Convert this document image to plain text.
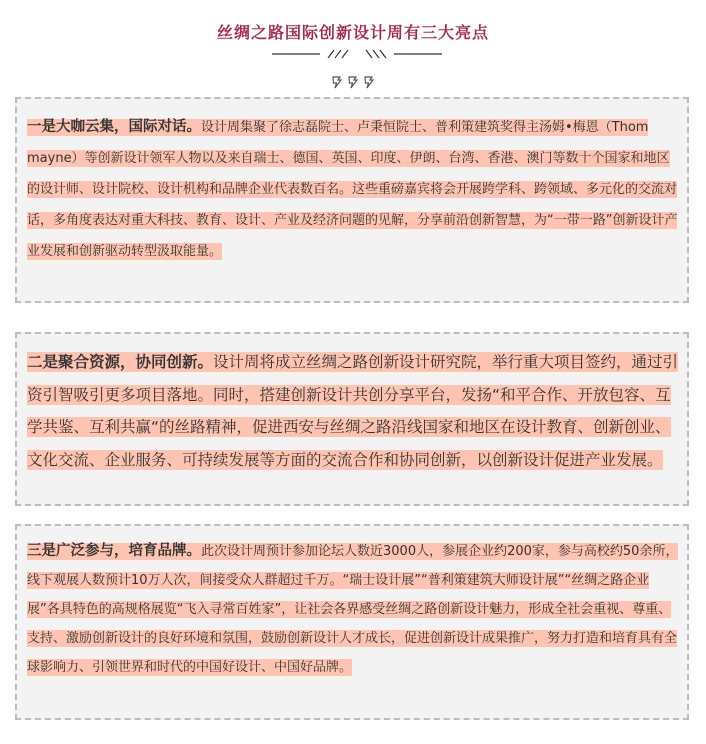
丝绸之路国际创新设计周有三大亮点
一是大咖云集，国际对话。设计周集聚了徐志磊院士、卢秉恒院士、普利策建筑奖得主汤姆•梅恩（Thom mayne）等创新设计领军人物以及来自瑞士、德国、英国、印度、伊朗、台湾、香港、澳门等数十个国家和地区的设计师、设计院校、设计机构和品牌企业代表数百名。这些重磅嘉宾将会开展跨学科、跨领域、多元化的交流对话，多角度表达对重大科技、教育、设计、产业及经济问题的见解，分享前沿创新智慧，为“一带一路”创新设计产业发展和创新驱动转型汲取能量。
二是聚合资源，协同创新。设计周将成立丝绸之路创新设计研究院，举行重大项目签约，通过引资引智吸引更多项目落地。同时，搭建创新设计共创分享平台，发扬“和平合作、开放包容、互学共鉴、互利共赢“的丝路精神，促进西安与丝绸之路沿线国家和地区在设计教育、创新创业、文化交流、企业服务、可持续发展等方面的交流合作和协同创新，以创新设计促进产业发展。
三是广泛参与，培育品牌。此次设计周预计参加论坛人数近3000人，参展企业约200家，参与高校约50余所，线下观展人数预计10万人次，间接受众人群超过千万。“瑞士设计展”“普利策建筑大师设计展”“丝绸之路企业展”各具特色的高规格展览“飞入寻常百姓家”，让社会各界感受丝绸之路创新设计魅力，形成全社会重视、尊重、支持、激励创新设计的良好环境和氛围，鼓励创新设计人才成长，促进创新设计成果推广，努力打造和培育具有全球影响力、引领世界和时代的中国好设计、中国好品牌。
